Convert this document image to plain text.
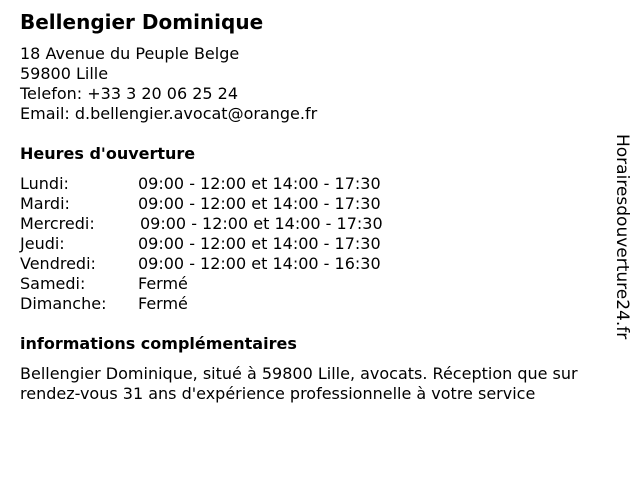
Bellengier Dominique
18 Avenue du Peuple Belge
59800 Lille
Telefon: +33 3 20 06 25 24
Email: d.bellengier.avocat@orange.fr
Heures d'ouverture
Lundi:	09:00 - 12:00 et 14:00 - 17:30
Mardi:	09:00 - 12:00 et 14:00 - 17:30
Mercredi:	09:00 - 12:00 et 14:00 - 17:30
Jeudi:	09:00 - 12:00 et 14:00 - 17:30
Vendredi:	09:00 - 12:00 et 14:00 - 16:30
Samedi:	Fermé
Dimanche: Fermé
informations complémentaires

Bellengier Dominique, situé à 59800 Lille, avocats. Réception que sur rendez-vous 31 ans d'expérience professionnelle à votre service

Horairesdouverture24.fr
